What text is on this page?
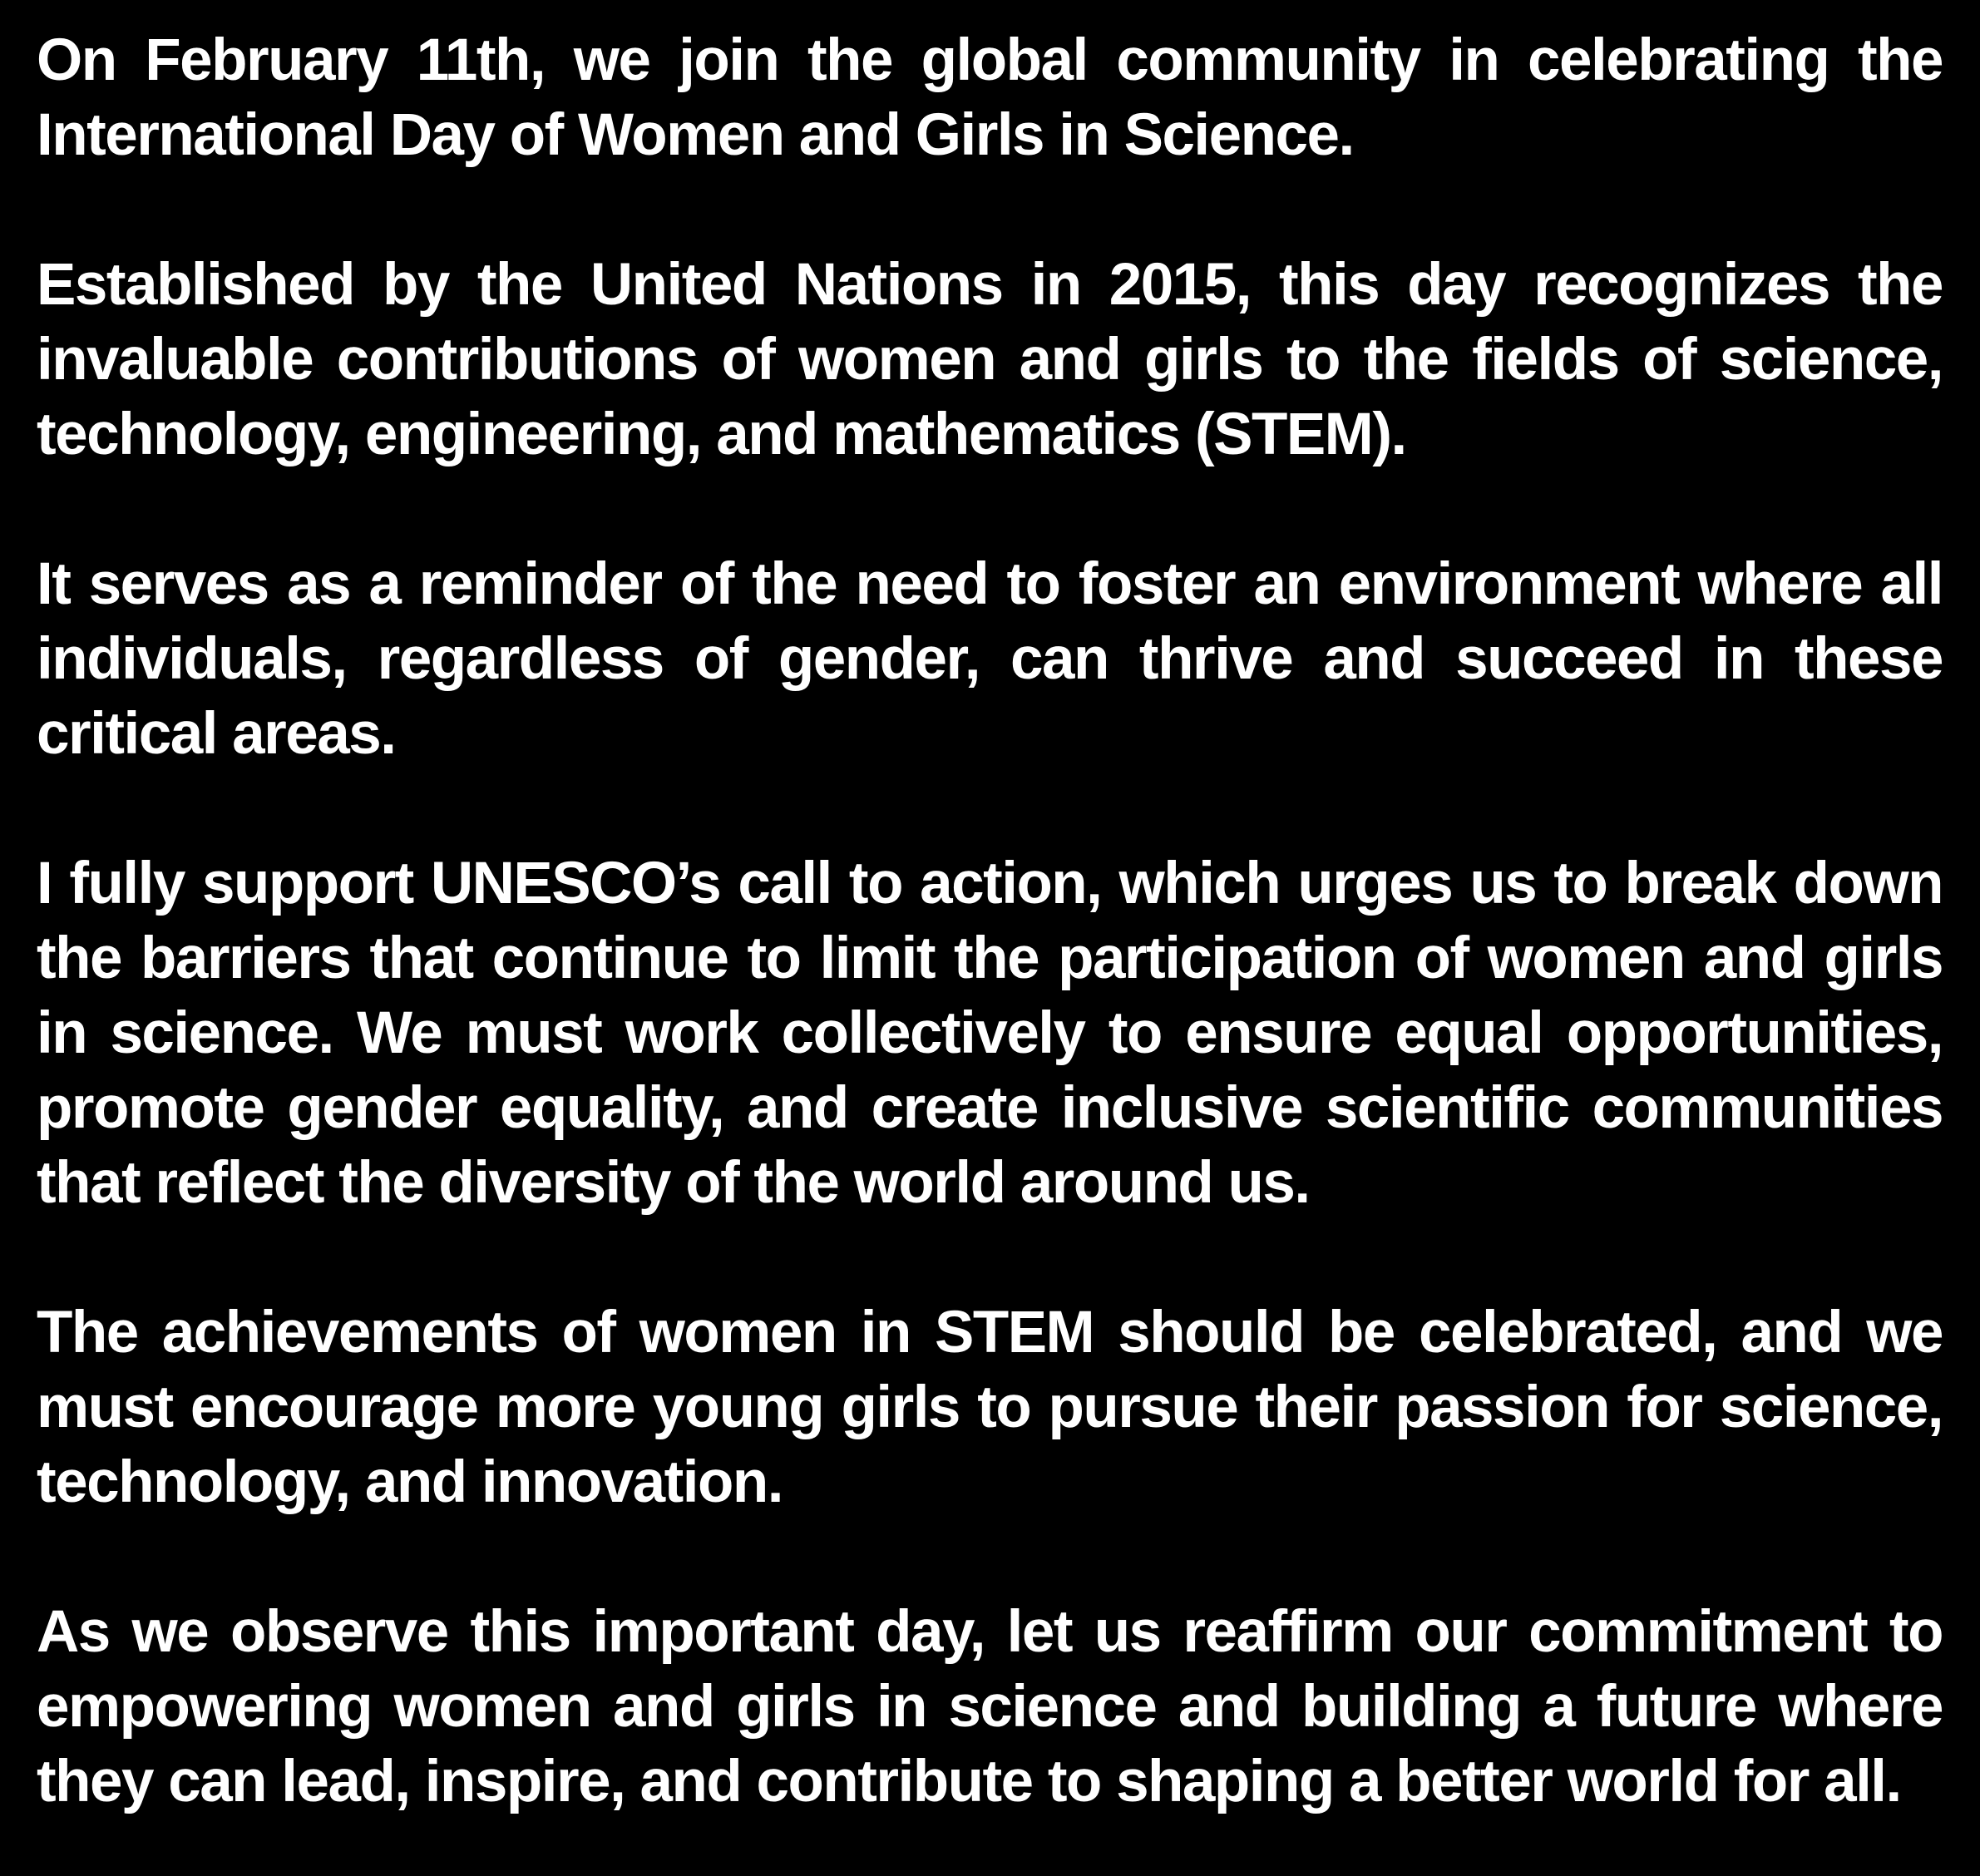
On February 11th, we join the global community in celebrating the International Day of Women and Girls in Science.

Established by the United Nations in 2015, this day recognizes the invaluable contributions of women and girls to the fields of science, technology, engineering, and mathematics (STEM).

It serves as a reminder of the need to foster an environment where all individuals, regardless of gender, can thrive and succeed in these critical areas.

I fully support UNESCO’s call to action, which urges us to break down the barriers that continue to limit the participation of women and girls in science. We must work collectively to ensure equal opportunities, promote gender equality, and create inclusive scientific communities that reflect the diversity of the world around us.

The achievements of women in STEM should be celebrated, and we must encourage more young girls to pursue their passion for science, technology, and innovation.

As we observe this important day, let us reaffirm our commitment to empowering women and girls in science and building a future where they can lead, inspire, and contribute to shaping a better world for all.
